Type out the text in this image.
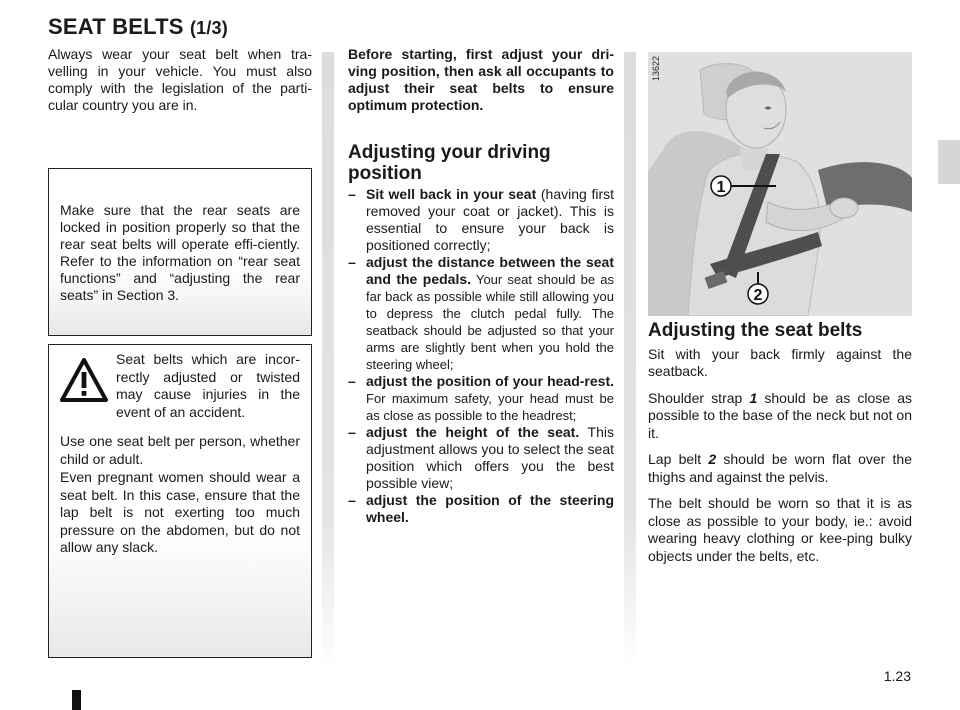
SEAT BELTS (1/3)

Always wear your seat belt when tra-velling in your vehicle. You must also comply with the legislation of the parti-cular country you are in.

Make sure that the rear seats are locked in position properly so that the rear seat belts will operate effi-ciently. Refer to the information on “rear seat functions” and “adjusting the rear seats” in Section 3.

Seat belts which are incor-rectly adjusted or twisted may cause injuries in the event of an accident.

Use one seat belt per person, whether child or adult.

Even pregnant women should wear a seat belt. In this case, ensure that the lap belt is not exerting too much pressure on the abdomen, but do not allow any slack.

Before starting, first adjust your dri-ving position, then ask all occupants to adjust their seat belts to ensure optimum protection.

Adjusting your driving position
– Sit well back in your seat (having first removed your coat or jacket). This is essential to ensure your back is positioned correctly;
– adjust the distance between the seat and the pedals. Your seat should be as far back as possible while still allowing you to depress the clutch pedal fully. The seatback should be adjusted so that your arms are slightly bent when you hold the steering wheel;
– adjust the position of your head-rest. For maximum safety, your head must be as close as possible to the headrest;
– adjust the height of the seat. This adjustment allows you to select the seat position which offers you the best possible view;
– adjust the position of the steering wheel.
1
2
13622
Adjusting the seat belts

Sit with your back firmly against the seatback.

Shoulder strap 1 should be as close as possible to the base of the neck but not on it.

Lap belt 2 should be worn flat over the thighs and against the pelvis.

The belt should be worn so that it is as close as possible to your body, ie.: avoid wearing heavy clothing or kee-ping bulky objects under the belts, etc.

1.23
